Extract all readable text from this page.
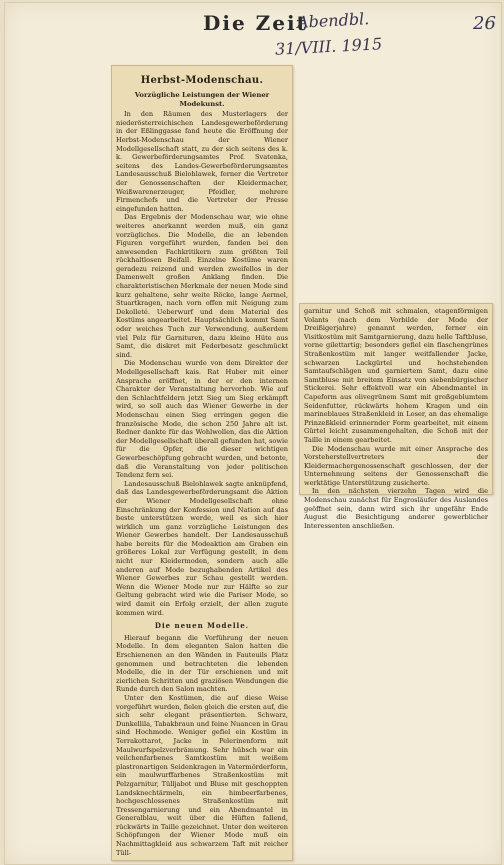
Die Zeit
Abendbl.
31/VIII. 1915
26
Herbst-Modenschau.
Vorzügliche Leistungen der Wiener Modekunst.

In den Räumen des Musterlagers der niederösterreichischen Landesgewerbeförderung in der Eßlinggasse fand heute die Eröffnung der Herbst-Modenschau der Wiener Modellgesellschaft statt, zu der sich seitens des k. k. Gewerbeförderungsamtes Prof. Svatenka, seitens des Landes-Gewerbeförderungsamtes Landesausschuß Bielohlawek, ferner die Vertreter der Genossenschaften der Kleidermacher, Weißwarenerzeuger, Pfeidler, mehrere Firmenchefs und die Vertreter der Presse eingefunden hatten.

Das Ergebnis der Modenschau war, wie ohne weiteres anerkannt werden muß, ein ganz vorzügliches. Die Modelle, die an lebenden Figuren vorgeführt wurden, fanden bei den anwesenden Fachkritikern zum größten Teil rückhaltlosen Beifall. Einzelne Kostüme waren geradezu reizend und werden zweifellos in der Damenwelt großen Anklang finden. Die charakteristischen Merkmale der neuen Mode sind kurz gehaltene, sehr weite Röcke, lange Aermel, Stuartkragen, nach vorn offen mit Neigung zum Dekolleté. Ueberwurf und dem Material des Kostüms angearbeitet. Hauptsächlich kommt Samt oder weiches Tuch zur Verwendung, außerdem viel Pelz für Garnituren, dazu kleine Hüte aus Samt, die diskret mit Federbesatz geschmückt sind.

Die Modenschau wurde von dem Direktor der Modellgesellschaft kais. Rat Huber mit einer Ansprache eröffnet, in der er den internen Charakter der Veranstaltung hervorhob. Wie auf den Schlachtfeldern jetzt Sieg um Sieg erkämpft wird, so soll auch das Wiener Gewerbe in der Modenschau einen Sieg erringen gegen die französische Mode, die schon 250 Jahre alt ist. Redner dankte für das Wohlwollen, das die Aktion der Modellgesellschaft überall gefunden hat, sowie für die Opfer, die dieser wichtigen Gewerbeschöpfung gebracht wurden, und betonte, daß die Veranstaltung von jeder politischen Tendenz fern sei.

Landesausschuß Bielohlawek sagte anknüpfend, daß das Landesgewerbeförderungsamt die Aktion der Wiener Modellgesellschaft ohne Einschränkung der Konfession und Nation auf das beste unterstützen werde, weil es sich hier wirklich um ganz vorzügliche Leistungen des Wiener Gewerbes handelt. Der Landesausschuß habe bereits für die Modeaktion am Graben ein größeres Lokal zur Verfügung gestellt, in dem nicht nur Kleidermoden, sondern auch alle anderen auf Mode bezughabenden Artikel des Wiener Gewerbes zur Schau gestellt werden. Wenn die Wiener Mode nur zur Hälfte so zur Geltung gebracht wird wie die Pariser Mode, so wird damit ein Erfolg erzielt, der allen zugute kommen wird.

Die neuen Modelle.

Hierauf begann die Vorführung der neuen Modelle. In dem eleganten Salon hatten die Erschienenen an den Wänden in Fauteuils Platz genommen und betrachteten die lebenden Modelle, die in der Tür erschienen und mit zierlichen Schritten und graziösen Wendungen die Runde durch den Salon machten.

Unter den Kostümen, die auf diese Weise vorgeführt wurden, fielen gleich die ersten auf, die sich sehr elegant präsentierten. Schwarz, Dunkellila, Tabakbraun und feine Nuancen in Grau sind Hochmode. Weniger gefiel ein Kostüm in Terrakottarot, Jacke in Pelerinenform mit Maulwurfspelzverbrämung. Sehr hübsch war ein veilchenfarbenes Samtkostüm mit weißem plastronartigen Seidenkragen in Vatermörderform, ein maulwurffarbenes Straßenkostüm mit Pelzgarnitur, Tülljabot und Bluse mit geschoppten Landsknechtärmeln, ein himbeerfarbenes, hochgeschlossenes Straßenkostüm mit Tressengarnierung und ein Abendmantel in Generalblau, weit über die Hüften fallend, rückwärts in Taille gezeichnet. Unter den weiteren Schöpfungen der Wiener Mode muß ein Nachmittagkleid aus schwarzem Taft mit reicher Tüll-

garnitur und Schoß mit schmalen, etagenförmigen Volants (nach dem Vorbilde der Mode der Dreißigerjahre) genannt werden, ferner ein Visitkostüm mit Samtgarnierung, dazu helle Taftbluse, vorne gilettartig; besonders gefiel ein flaschengrünes Straßenkostüm mit langer weitfallender Jacke, schwarzen Lackgürtel und hochstehenden Samtaufschlägen und garniertem Samt, dazu eine Samtbluse mit breitem Einsatz von siebenbürgischer Stickerei. Sehr effektvoll war ein Abendmantel in Capeform aus olivegrünem Samt mit großgeblumtem Seidenfutter, rückwärts hohem Kragen und ein marineblaues Straßenkleid in Loser, an das ehemalige Prinzeßkleid erinnernder Form gearbeitet, mit einem Gürtel leicht zusammengehalten, die Schoß mit der Taille in einem gearbeitet.

Die Modenschau wurde mit einer Ansprache des Vorsteherstellvertreters der Kleidermachergenossenschaft geschlossen, der der Unternehmung seitens der Genossenschaft die werktätige Unterstützung zusicherte.

In den nächsten vierzehn Tagen wird die Modenschau zunächst für Engrosläufer des Auslandes geöffnet sein, dann wird sich ihr ungefähr Ende August die Besichtigung anderer gewerblicher Interessenten anschließen.
